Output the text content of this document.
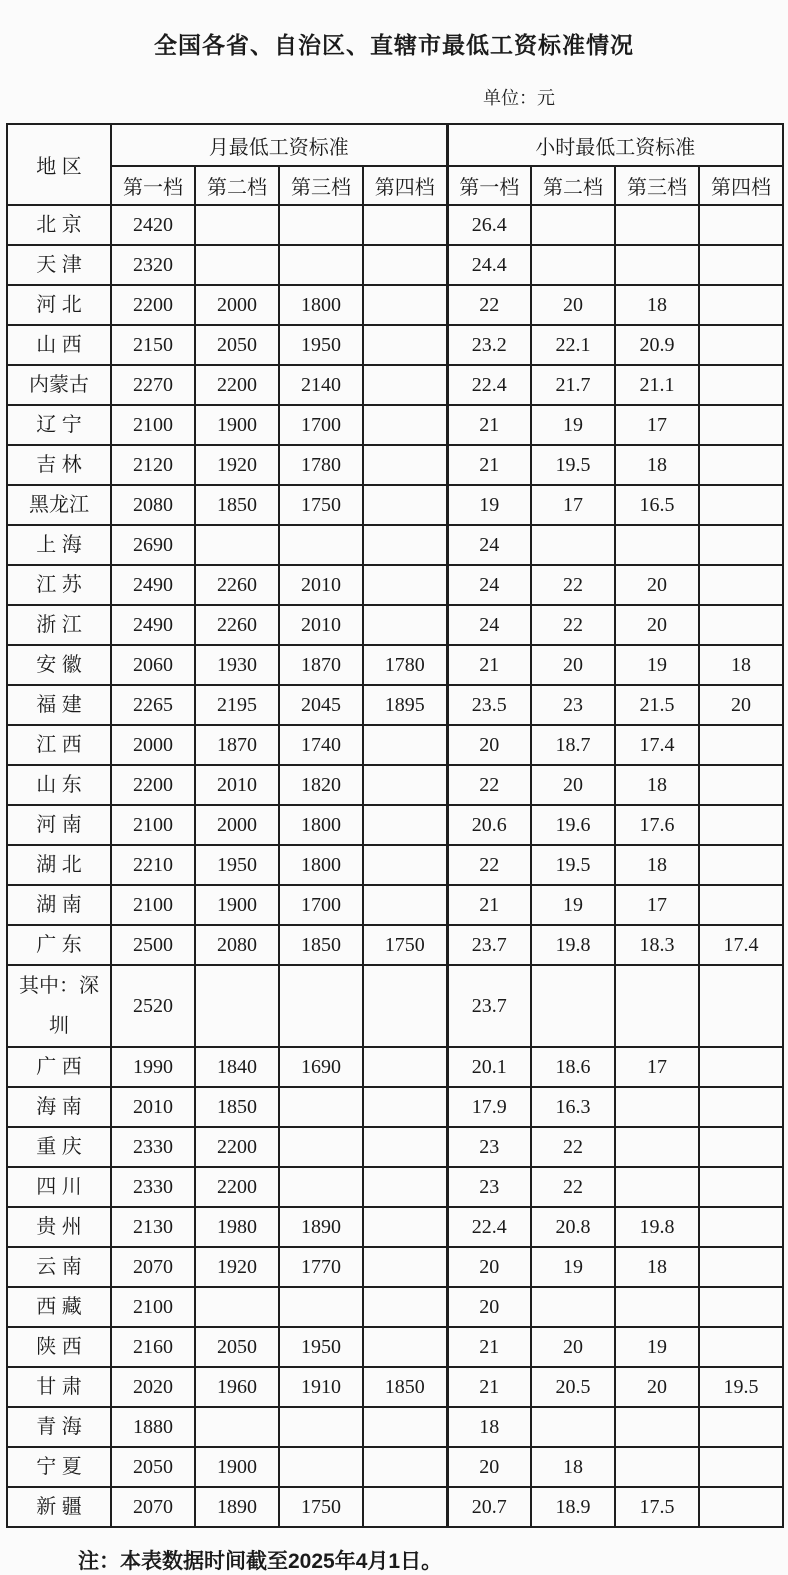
全国各省、自治区、直辖市最低工资标准情况
单位：元
地 区	月最低工资标准				小时最低工资标准			
	第一档	第二档	第三档	第四档	第一档	第二档	第三档	第四档
北 京	2420				26.4			
天 津	2320				24.4			
河 北	2200	2000	1800		22	20	18	
山 西	2150	2050	1950		23.2	22.1	20.9	
内蒙古	2270	2200	2140		22.4	21.7	21.1	
辽 宁	2100	1900	1700		21	19	17	
吉 林	2120	1920	1780		21	19.5	18	
黑龙江	2080	1850	1750		19	17	16.5	
上 海	2690				24			
江 苏	2490	2260	2010		24	22	20	
浙 江	2490	2260	2010		24	22	20	
安 徽	2060	1930	1870	1780	21	20	19	18
福 建	2265	2195	2045	1895	23.5	23	21.5	20
江 西	2000	1870	1740		20	18.7	17.4	
山 东	2200	2010	1820		22	20	18	
河 南	2100	2000	1800		20.6	19.6	17.6	
湖 北	2210	1950	1800		22	19.5	18	
湖 南	2100	1900	1700		21	19	17	
广 东	2500	2080	1850	1750	23.7	19.8	18.3	17.4
其中：深圳	2520				23.7			
广 西	1990	1840	1690		20.1	18.6	17	
海 南	2010	1850			17.9	16.3		
重 庆	2330	2200			23	22		
四 川	2330	2200			23	22		
贵 州	2130	1980	1890		22.4	20.8	19.8	
云 南	2070	1920	1770		20	19	18	
西 藏	2100				20			
陕 西	2160	2050	1950		21	20	19	
甘 肃	2020	1960	1910	1850	21	20.5	20	19.5
青 海	1880				18			
宁 夏	2050	1900			20	18		
新 疆	2070	1890	1750		20.7	18.9	17.5	
注：本表数据时间截至2025年4月1日。
